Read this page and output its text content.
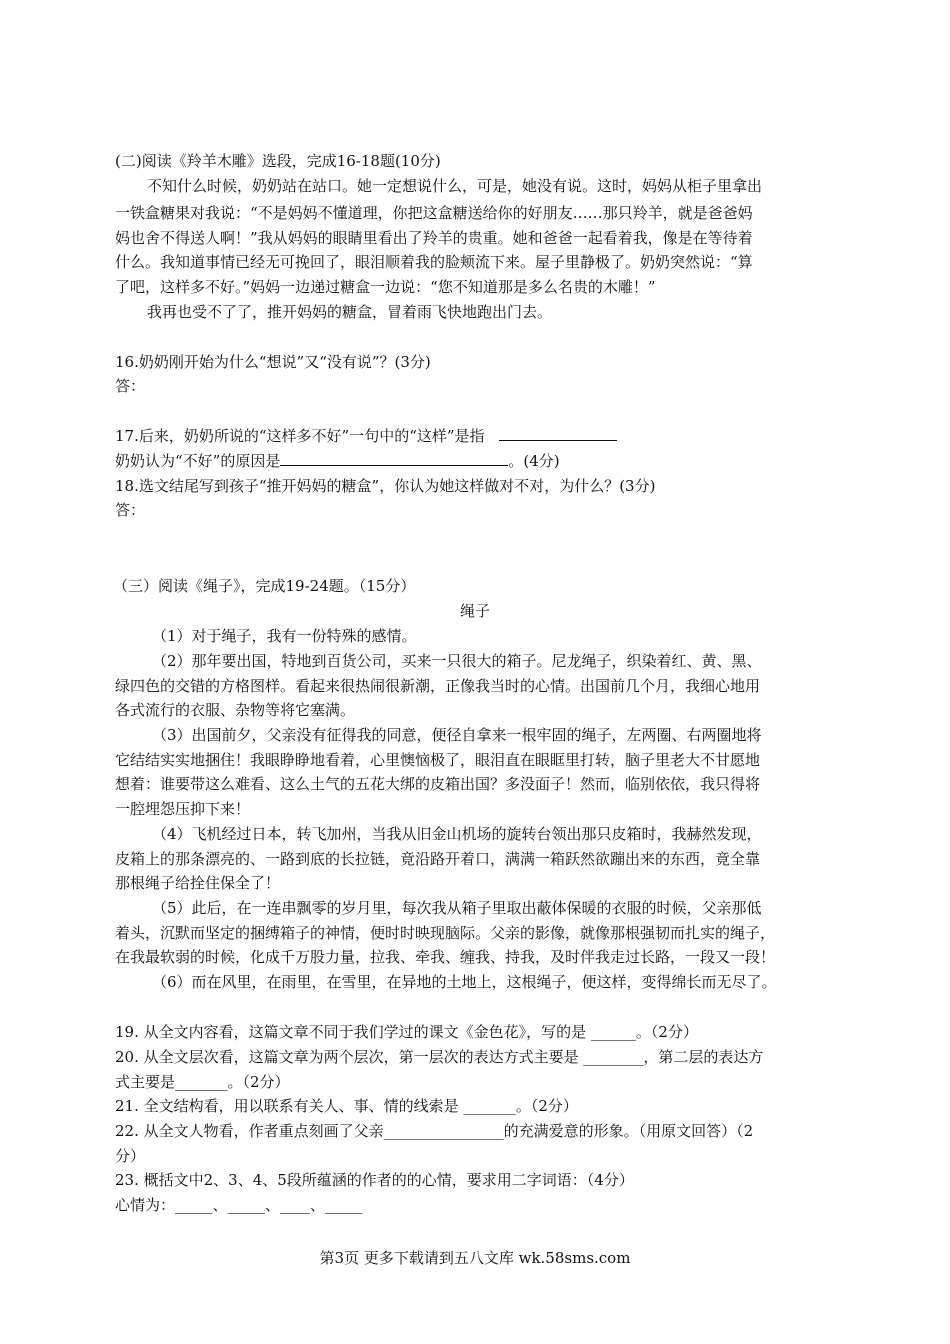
(二)阅读《羚羊木雕》选段，完成16-18题(10分)
不知什么时候，奶奶站在站口。她一定想说什么，可是，她没有说。这时，妈妈从柜子里拿出
一铁盒糖果对我说：“不是妈妈不懂道理，你把这盒糖送给你的好朋友……那只羚羊，就是爸爸妈
妈也舍不得送人啊！”我从妈妈的眼睛里看出了羚羊的贵重。她和爸爸一起看着我，像是在等待着
什么。我知道事情已经无可挽回了，眼泪顺着我的脸颊流下来。屋子里静极了。奶奶突然说：“算
了吧，这样多不好。”妈妈一边递过糖盒一边说：“您不知道那是多么名贵的木雕！”
我再也受不了了，推开妈妈的糖盒，冒着雨飞快地跑出门去。
16.奶奶刚开始为什么“想说”又“没有说”？(3分)
答：
17.后来，奶奶所说的“这样多不好”一句中的“这样”是指
奶奶认为“不好”的原因是	。(4分)
18.选文结尾写到孩子“推开妈妈的糖盒”，你认为她这样做对不对，为什么？(3分)
答：
（三）阅读《绳子》，完成19-24题。（15分）
绳子
（1）对于绳子，我有一份特殊的感情。
（2）那年要出国，特地到百货公司，买来一只很大的箱子。尼龙绳子，织染着红、黄、黑、
绿四色的交错的方格图样。看起来很热闹很新潮，正像我当时的心情。出国前几个月，我细心地用
各式流行的衣服、杂物等将它塞满。
（3）出国前夕，父亲没有征得我的同意，便径自拿来一根牢固的绳子，左两圈、右两圈地将
它结结实实地捆住！我眼睁睁地看着，心里懊恼极了，眼泪直在眼眶里打转，脑子里老大不甘愿地
想着：谁要带这么难看、这么土气的五花大绑的皮箱出国？多没面子！然而，临别依依，我只得将
一腔埋怨压抑下来！
（4）飞机经过日本，转飞加州，当我从旧金山机场的旋转台领出那只皮箱时，我赫然发现，
皮箱上的那条漂亮的、一路到底的长拉链，竟沿路开着口，满满一箱跃然欲蹦出来的东西，竟全靠
那根绳子给拴住保全了！
（5）此后，在一连串飘零的岁月里，每次我从箱子里取出蔽体保暖的衣服的时候，父亲那低
着头，沉默而坚定的捆缚箱子的神情，便时时映现脑际。父亲的影像，就像那根强韧而扎实的绳子，
在我最软弱的时候，化成千万股力量，拉我、牵我、缠我、持我，及时伴我走过长路，一段又一段！
（6）而在风里，在雨里，在雪里，在异地的土地上，这根绳子，便这样，变得绵长而无尽了。
19. 从全文内容看，这篇文章不同于我们学过的课文《金色花》，写的是 ______。（2分）
20. 从全文层次看，这篇文章为两个层次，第一层次的表达方式主要是 ________，第二层的表达方
式主要是_______。（2分）
21. 全文结构看，用以联系有关人、事、情的线索是 _______。（2分）
22. 从全文人物看，作者重点刻画了父亲________________的充满爱意的形象。（用原文回答）（2
分）
23. 概括文中2、3、4、5段所蕴涵的作者的的心情，要求用二字词语：（4分）
心情为：_____、_____、____、_____
第3页 更多下载请到五八文库 wk.58sms.com
